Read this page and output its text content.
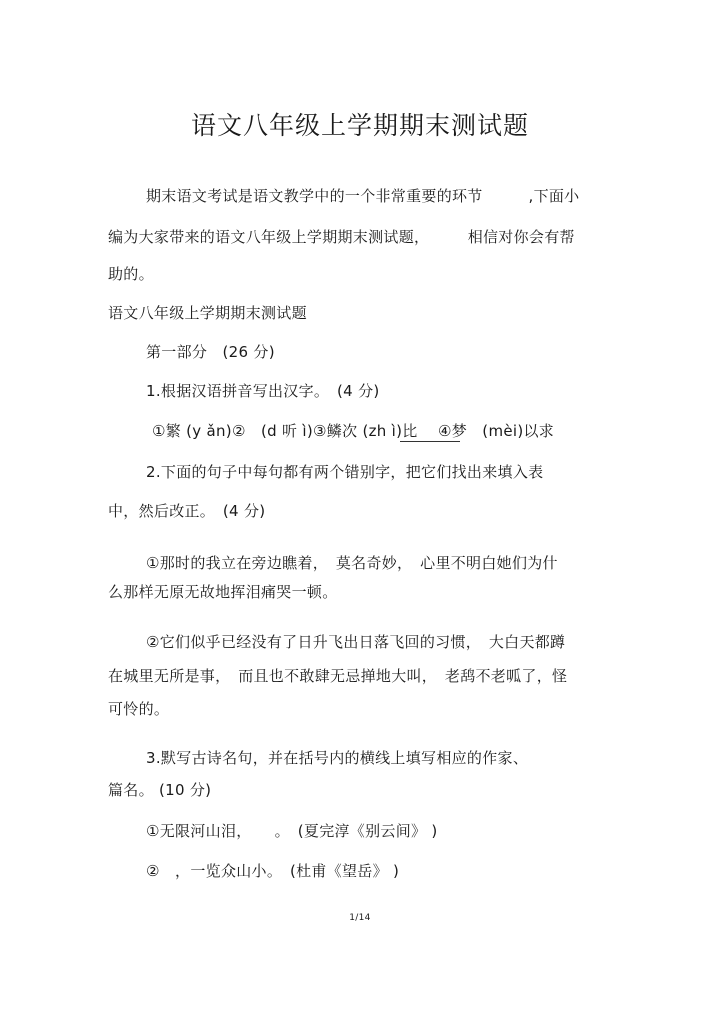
语文八年级上学期期末测试题
期末语文考试是语文教学中的一个非常重要的环节　　　,下面小
编为大家带来的语文八年级上学期期末测试题，　　　相信对你会有帮
助的。
语文八年级上学期期末测试题
第一部分　(26 分)
1.根据汉语拼音写出汉字。　(4 分)
①繁 (y ǎn)②　(d 听 ì)③鳞次 (zh ì)比　 ④梦　(mèi)以求
2.下面的句子中每句都有两个错别字，把它们找出来填入表
中，然后改正。　(4 分)
①那时的我立在旁边瞧着，　莫名奇妙，　心里不明白她们为什
么那样无原无故地挥泪痛哭一顿。
②它们似乎已经没有了日升飞出日落飞回的习惯，　大白天都蹲
在城里无所是事，　而且也不敢肆无忌掸地大叫，　老鸹不老呱了，怪
可怜的。
3.默写古诗名句，并在括号内的横线上填写相应的作家、
篇名。 (10 分)
①无限河山泪，　　。　(夏完淳《别云间》 )
②　，一览众山小。　(杜甫《望岳》 )
1/14
